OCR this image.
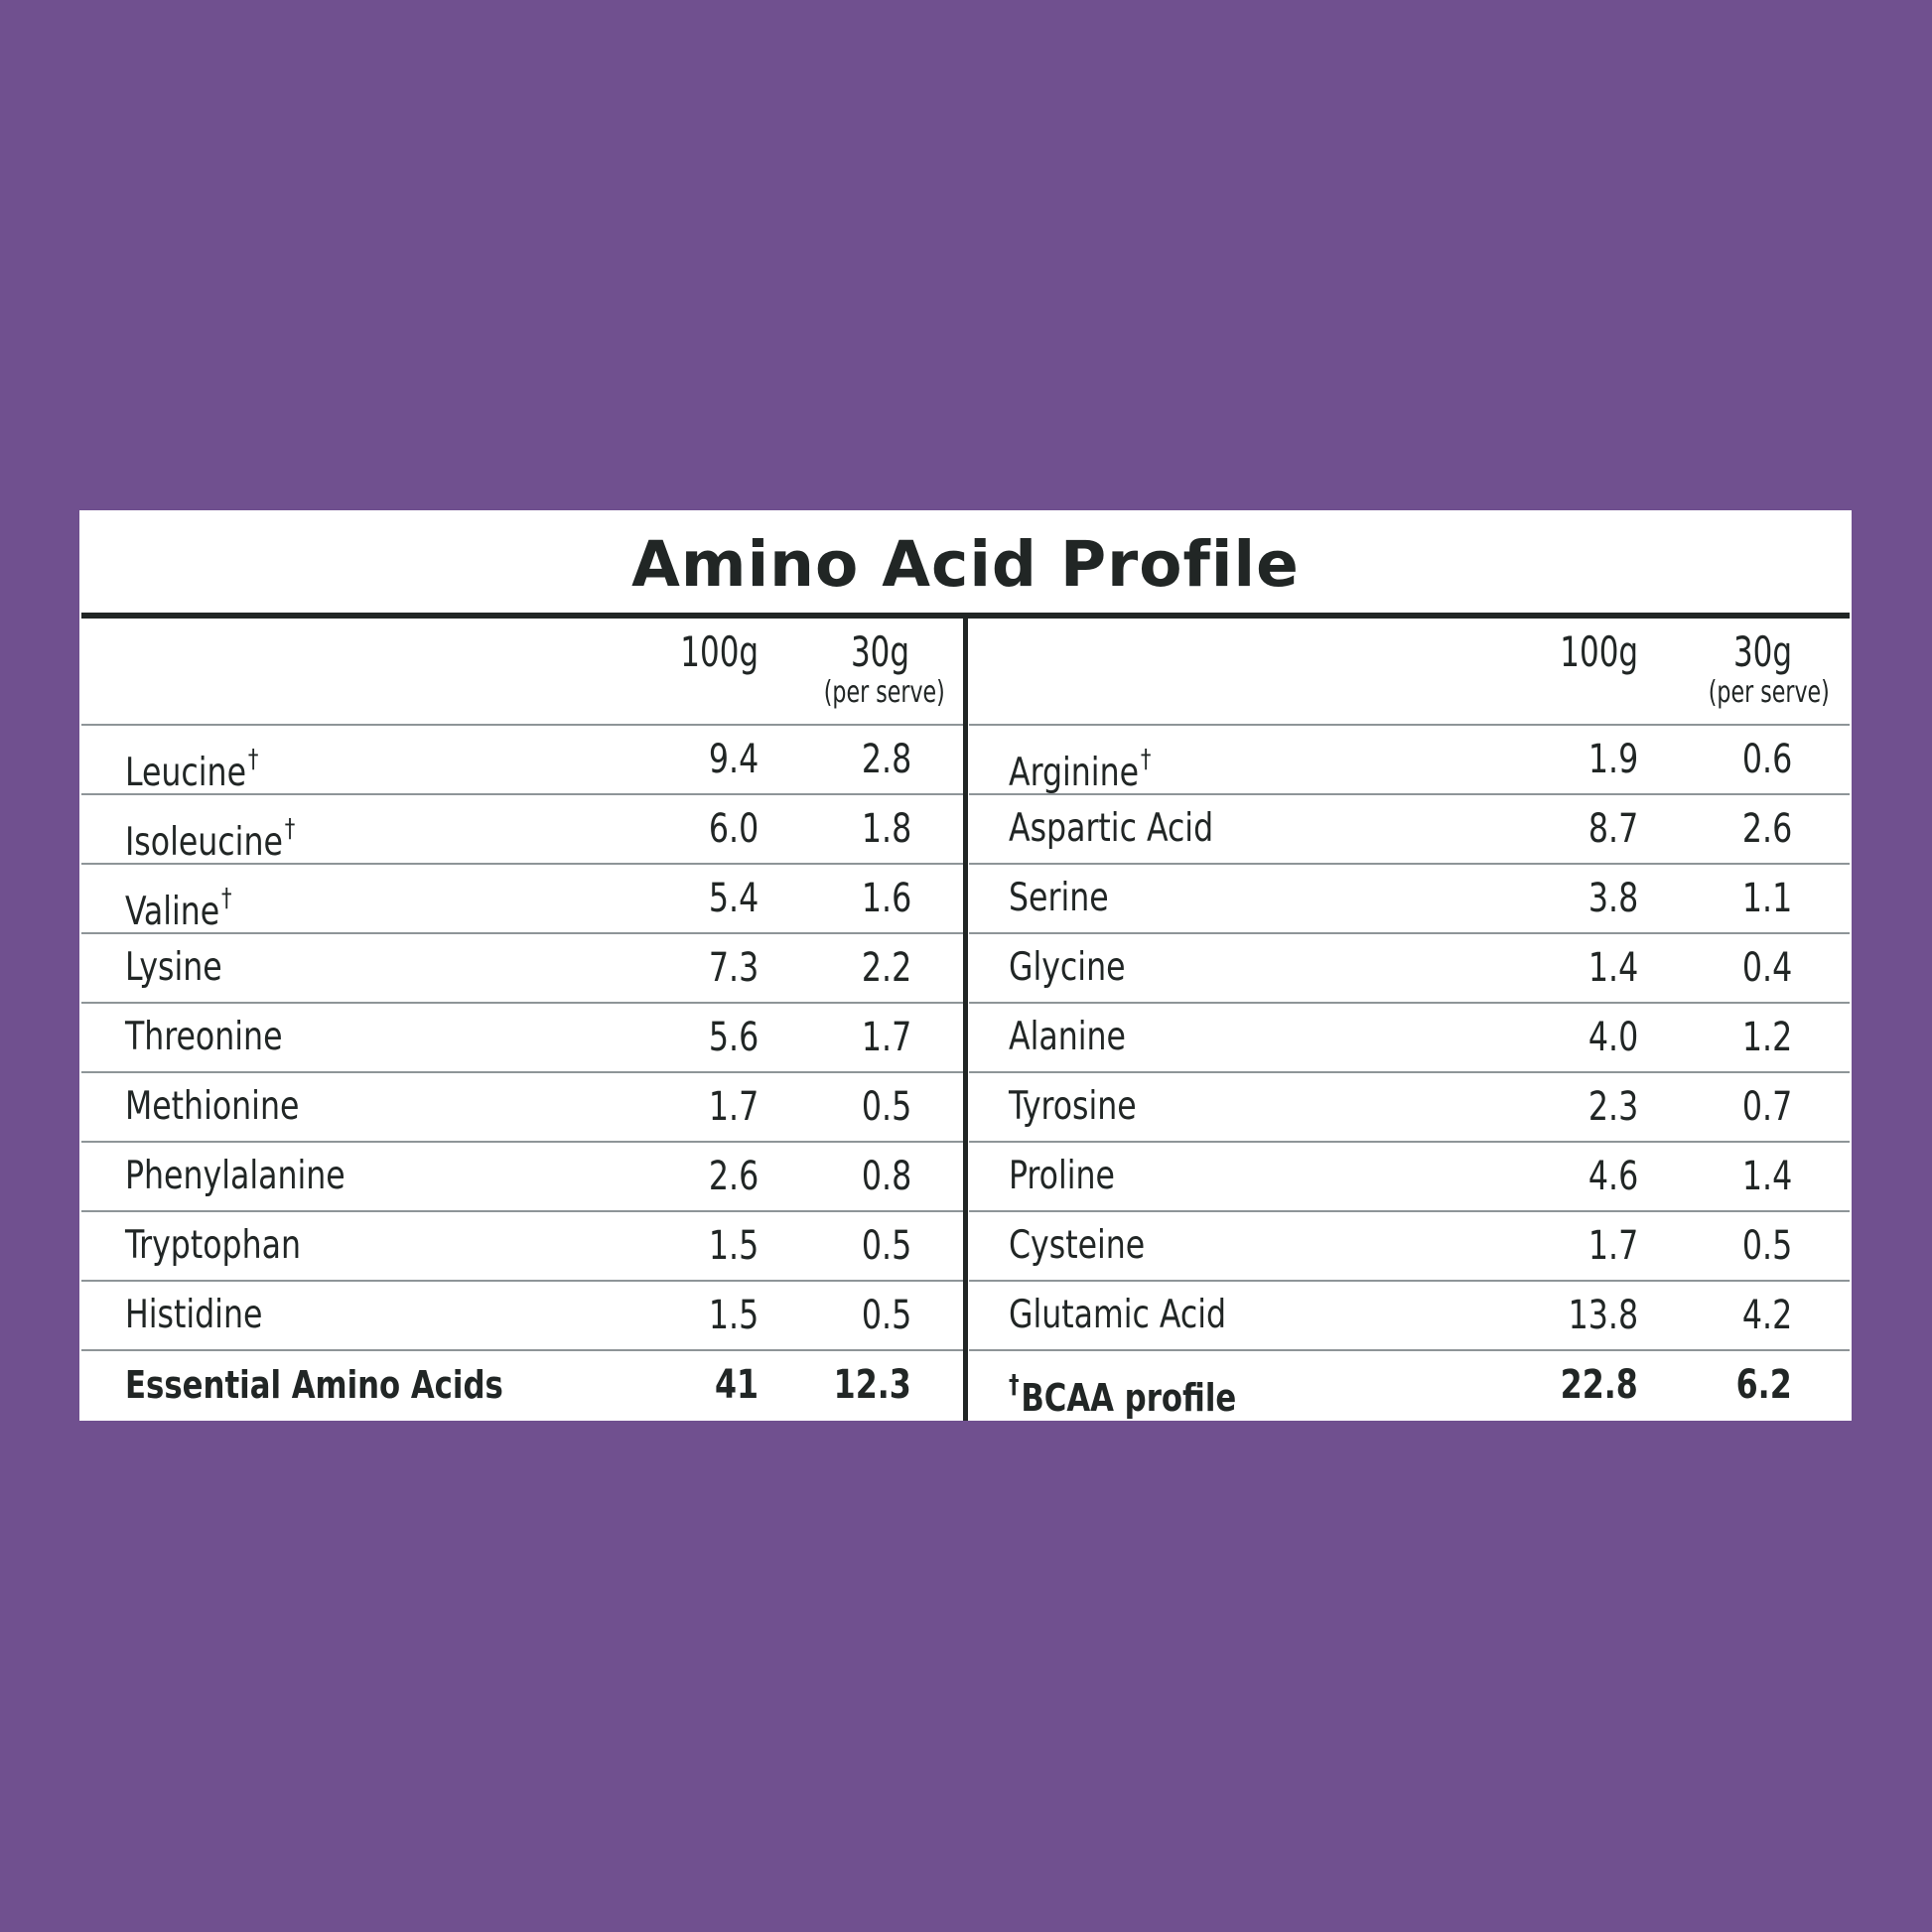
Amino Acid Profile
100g 30g
(per serve)
Leucine†	9.4	2.8
Isoleucine†	6.0	1.8
Valine†	5.4	1.6
Lysine	7.3	2.2
Threonine	5.6	1.7
Methionine	1.7	0.5
Phenylalanine	2.6	0.8
Tryptophan	1.5	0.5
Histidine	1.5	0.5
Essential Amino Acids	41 12.3
100g 30g
(per serve)
Arginine†	1.9	0.6
Aspartic Acid	8.7	2.6
Serine	3.8	1.1
Glycine	1.4	0.4
Alanine	4.0	1.2
Tyrosine	2.3	0.7
Proline	4.6	1.4
Cysteine	1.7	0.5
Glutamic Acid	13.8	4.2
†BCAA profile	22.8 6.2
